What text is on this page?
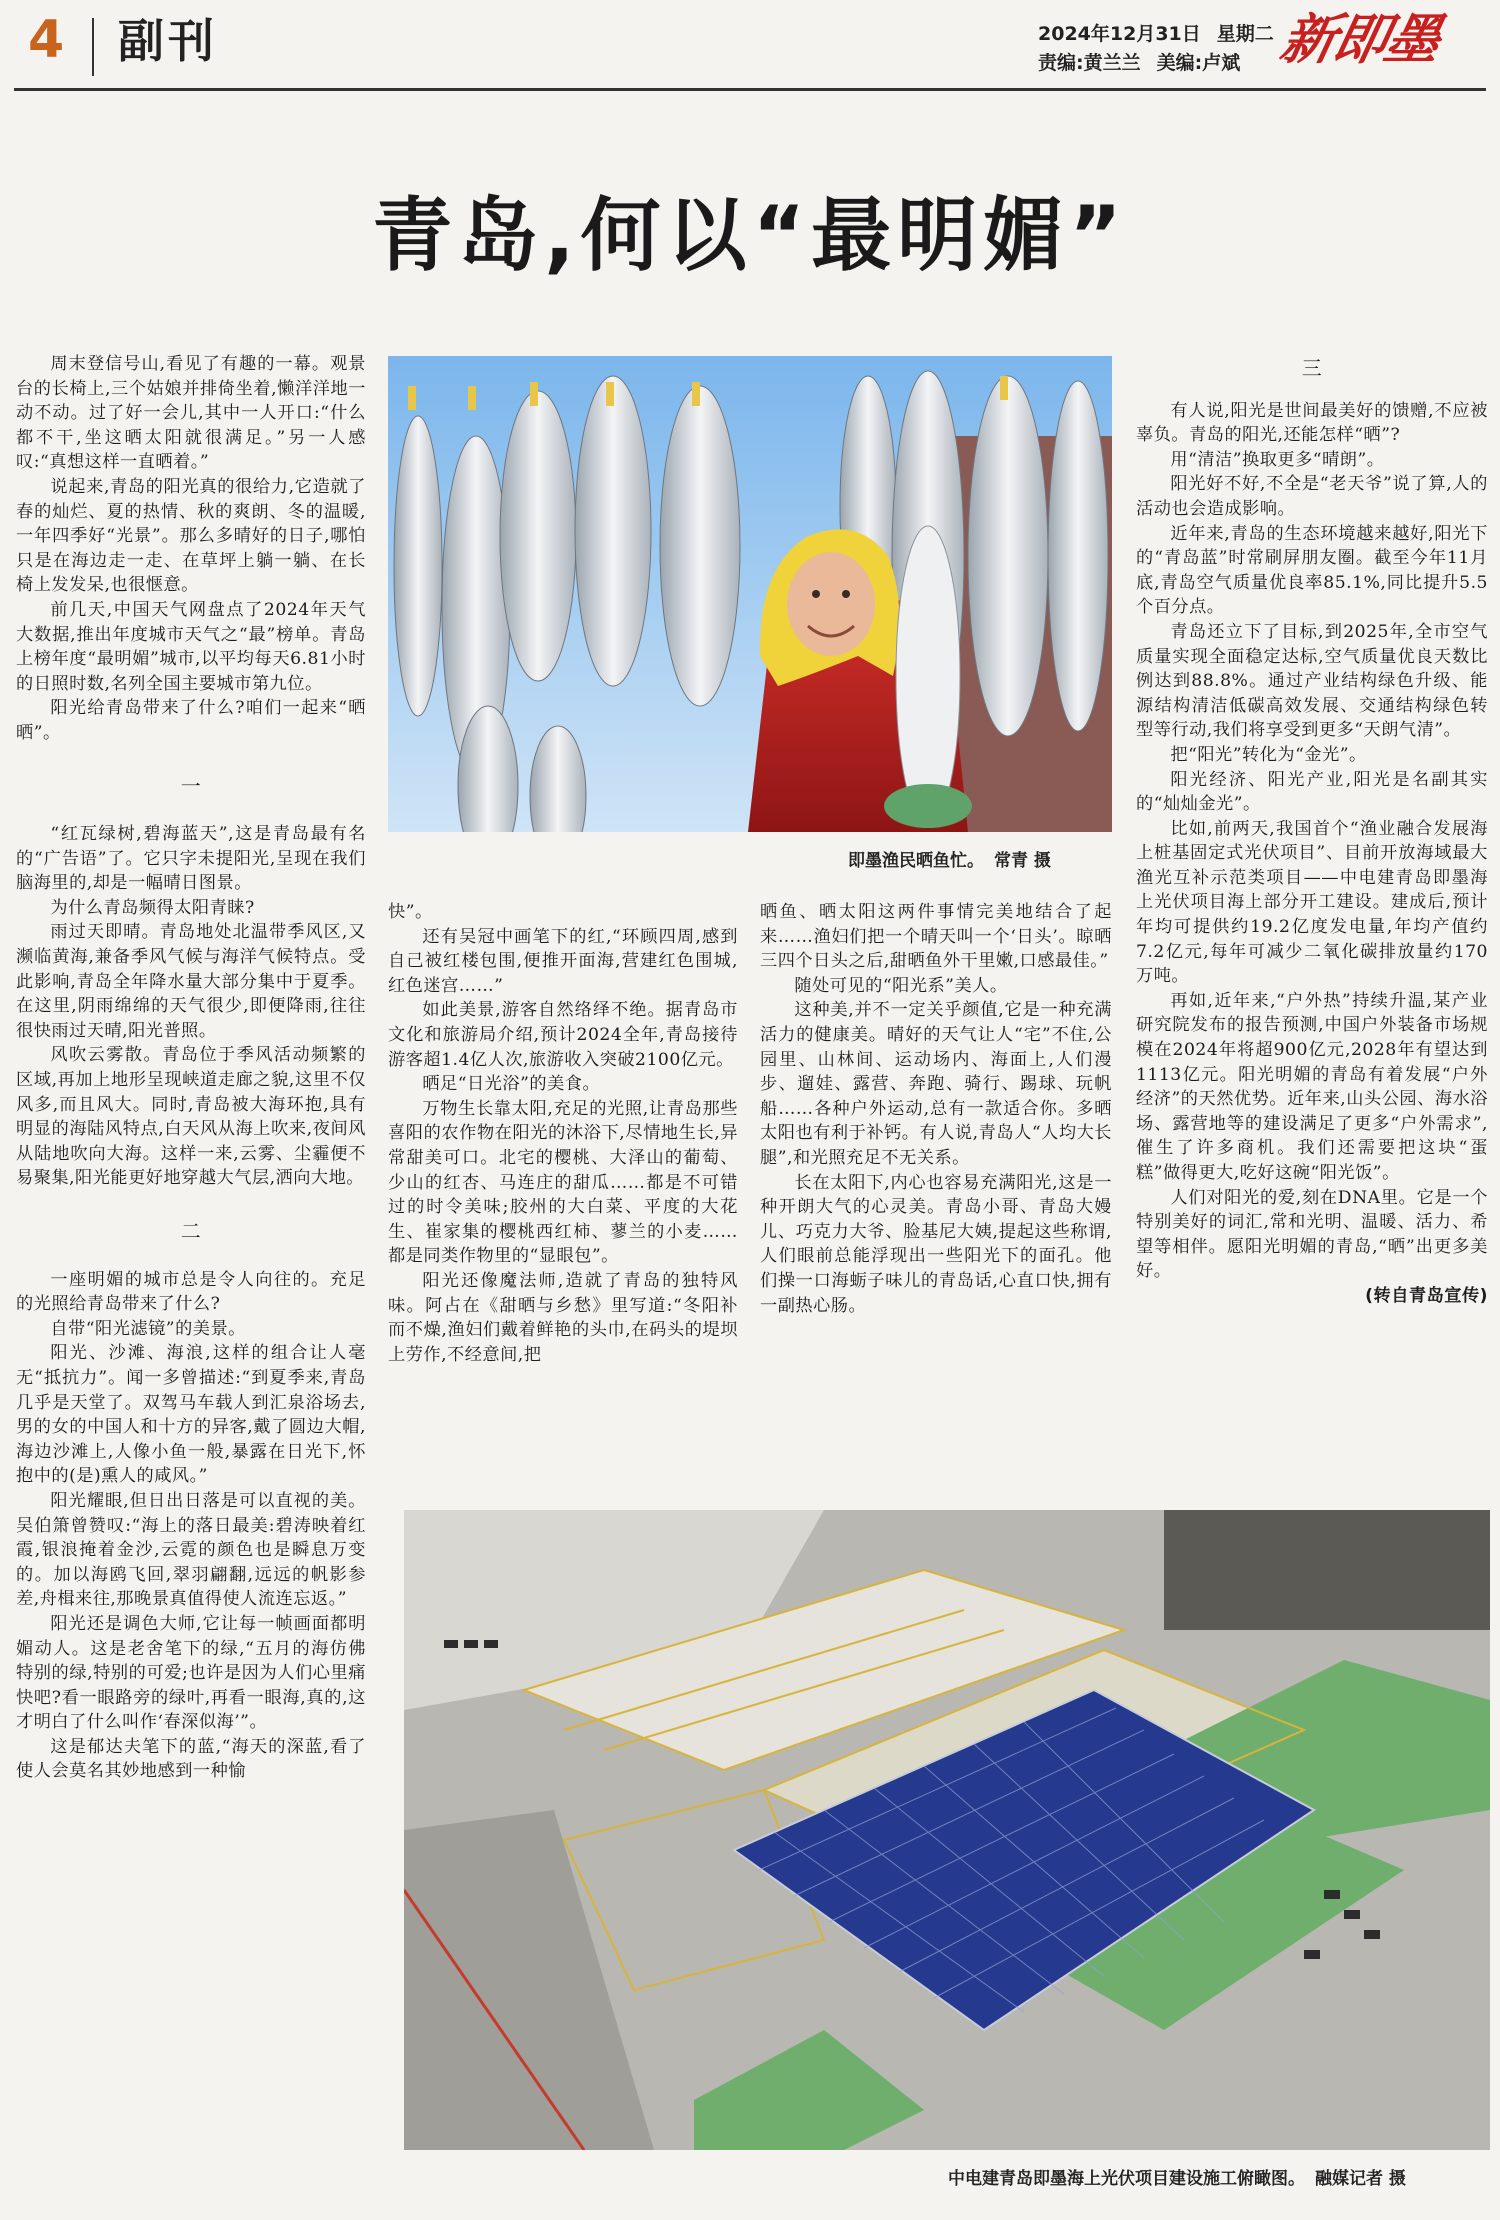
4 副刊	2024年12月31日 星期二
责编:黄兰兰 美编:卢斌 新即墨
青岛,何以“最明媚”
即墨渔民晒鱼忙。 常青 摄

周末登信号山,看见了有趣的一幕。观景台的长椅上,三个姑娘并排倚坐着,懒洋洋地一动不动。过了好一会儿,其中一人开口:“什么都不干,坐这晒太阳就很满足。”另一人感叹:“真想这样一直晒着。”

说起来,青岛的阳光真的很给力,它造就了春的灿烂、夏的热情、秋的爽朗、冬的温暖,一年四季好“光景”。那么多晴好的日子,哪怕只是在海边走一走、在草坪上躺一躺、在长椅上发发呆,也很惬意。

前几天,中国天气网盘点了2024年天气大数据,推出年度城市天气之“最”榜单。青岛上榜年度“最明媚”城市,以平均每天6.81小时的日照时数,名列全国主要城市第九位。

阳光给青岛带来了什么?咱们一起来“晒晒”。

一

“红瓦绿树,碧海蓝天”,这是青岛最有名的“广告语”了。它只字未提阳光,呈现在我们脑海里的,却是一幅晴日图景。

为什么青岛频得太阳青睐?

雨过天即晴。青岛地处北温带季风区,又濒临黄海,兼备季风气候与海洋气候特点。受此影响,青岛全年降水量大部分集中于夏季。在这里,阴雨绵绵的天气很少,即便降雨,往往很快雨过天晴,阳光普照。

风吹云雾散。青岛位于季风活动频繁的区域,再加上地形呈现峡道走廊之貌,这里不仅风多,而且风大。同时,青岛被大海环抱,具有明显的海陆风特点,白天风从海上吹来,夜间风从陆地吹向大海。这样一来,云雾、尘霾便不易聚集,阳光能更好地穿越大气层,洒向大地。

二

一座明媚的城市总是令人向往的。充足的光照给青岛带来了什么?

自带“阳光滤镜”的美景。

阳光、沙滩、海浪,这样的组合让人毫无“抵抗力”。闻一多曾描述:“到夏季来,青岛几乎是天堂了。双驾马车载人到汇泉浴场去,男的女的中国人和十方的异客,戴了圆边大帽,海边沙滩上,人像小鱼一般,暴露在日光下,怀抱中的(是)熏人的咸风。”

阳光耀眼,但日出日落是可以直视的美。吴伯箫曾赞叹:“海上的落日最美:碧涛映着红霞,银浪掩着金沙,云霓的颜色也是瞬息万变的。加以海鸥飞回,翠羽翩翻,远远的帆影参差,舟楫来往,那晚景真值得使人流连忘返。”

阳光还是调色大师,它让每一帧画面都明媚动人。这是老舍笔下的绿,“五月的海仿佛特别的绿,特别的可爱;也许是因为人们心里痛快吧?看一眼路旁的绿叶,再看一眼海,真的,这才明白了什么叫作‘春深似海’”。

这是郁达夫笔下的蓝,“海天的深蓝,看了使人会莫名其妙地感到一种愉

快”。

还有吴冠中画笔下的红,“环顾四周,感到自己被红楼包围,便推开面海,营建红色围城,红色迷宫……”

如此美景,游客自然络绎不绝。据青岛市文化和旅游局介绍,预计2024全年,青岛接待游客超1.4亿人次,旅游收入突破2100亿元。

晒足“日光浴”的美食。

万物生长靠太阳,充足的光照,让青岛那些喜阳的农作物在阳光的沐浴下,尽情地生长,异常甜美可口。北宅的樱桃、大泽山的葡萄、少山的红杏、马连庄的甜瓜……都是不可错过的时令美味;胶州的大白菜、平度的大花生、崔家集的樱桃西红柿、蓼兰的小麦……都是同类作物里的“显眼包”。

阳光还像魔法师,造就了青岛的独特风味。阿占在《甜晒与乡愁》里写道:“冬阳补而不燥,渔妇们戴着鲜艳的头巾,在码头的堤坝上劳作,不经意间,把

晒鱼、晒太阳这两件事情完美地结合了起来……渔妇们把一个晴天叫一个‘日头’。晾晒三四个日头之后,甜晒鱼外干里嫩,口感最佳。”

随处可见的“阳光系”美人。

这种美,并不一定关乎颜值,它是一种充满活力的健康美。晴好的天气让人“宅”不住,公园里、山林间、运动场内、海面上,人们漫步、遛娃、露营、奔跑、骑行、踢球、玩帆船……各种户外运动,总有一款适合你。多晒太阳也有利于补钙。有人说,青岛人“人均大长腿”,和光照充足不无关系。

长在太阳下,内心也容易充满阳光,这是一种开朗大气的心灵美。青岛小哥、青岛大嫚儿、巧克力大爷、脸基尼大姨,提起这些称谓,人们眼前总能浮现出一些阳光下的面孔。他们操一口海蛎子味儿的青岛话,心直口快,拥有一副热心肠。

三

有人说,阳光是世间最美好的馈赠,不应被辜负。青岛的阳光,还能怎样“晒”?

用“清洁”换取更多“晴朗”。

阳光好不好,不全是“老天爷”说了算,人的活动也会造成影响。

近年来,青岛的生态环境越来越好,阳光下的“青岛蓝”时常刷屏朋友圈。截至今年11月底,青岛空气质量优良率85.1%,同比提升5.5个百分点。

青岛还立下了目标,到2025年,全市空气质量实现全面稳定达标,空气质量优良天数比例达到88.8%。通过产业结构绿色升级、能源结构清洁低碳高效发展、交通结构绿色转型等行动,我们将享受到更多“天朗气清”。

把“阳光”转化为“金光”。

阳光经济、阳光产业,阳光是名副其实的“灿灿金光”。

比如,前两天,我国首个“渔业融合发展海上桩基固定式光伏项目”、目前开放海域最大渔光互补示范类项目——中电建青岛即墨海上光伏项目海上部分开工建设。建成后,预计年均可提供约19.2亿度发电量,年均产值约7.2亿元,每年可减少二氧化碳排放量约170万吨。

再如,近年来,“户外热”持续升温,某产业研究院发布的报告预测,中国户外装备市场规模在2024年将超900亿元,2028年有望达到1113亿元。阳光明媚的青岛有着发展“户外经济”的天然优势。近年来,山头公园、海水浴场、露营地等的建设满足了更多“户外需求”,催生了许多商机。我们还需要把这块“蛋糕”做得更大,吃好这碗“阳光饭”。

人们对阳光的爱,刻在DNA里。它是一个特别美好的词汇,常和光明、温暖、活力、希望等相伴。愿阳光明媚的青岛,“晒”出更多美好。

(转自青岛宣传)

中电建青岛即墨海上光伏项目建设施工俯瞰图。 融媒记者 摄
